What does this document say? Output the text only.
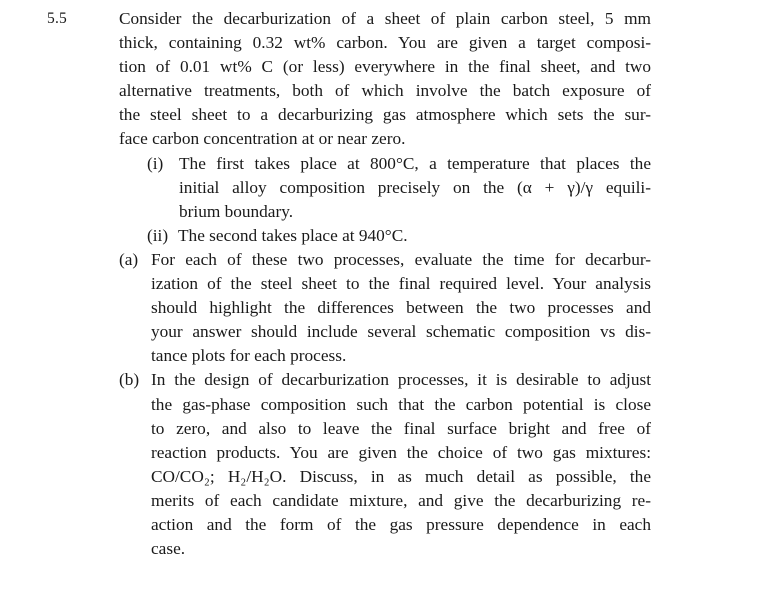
5.5	Consider the decarburization of a sheet of plain carbon steel, 5 mm
thick, containing 0.32 wt% carbon. You are given a target composi-
tion of 0.01 wt% C (or less) everywhere in the final sheet, and two
alternative treatments, both of which involve the batch exposure of
the steel sheet to a decarburizing gas atmosphere which sets the sur-
face carbon concentration at or near zero.
(i) The first takes place at 800°C, a temperature that places the
initial alloy composition precisely on the (α + γ)/γ equili-
brium boundary.
(ii) The second takes place at 940°C.
(a) For each of these two processes, evaluate the time for decarbur-
ization of the steel sheet to the final required level. Your analysis
should highlight the differences between the two processes and
your answer should include several schematic composition vs dis-
tance plots for each process.
(b) In the design of decarburization processes, it is desirable to adjust
the gas-phase composition such that the carbon potential is close
to zero, and also to leave the final surface bright and free of
reaction products. You are given the choice of two gas mixtures:
CO/CO₂; H₂/H₂O. Discuss, in as much detail as possible, the
merits of each candidate mixture, and give the decarburizing re-
action and the form of the gas pressure dependence in each
case.
